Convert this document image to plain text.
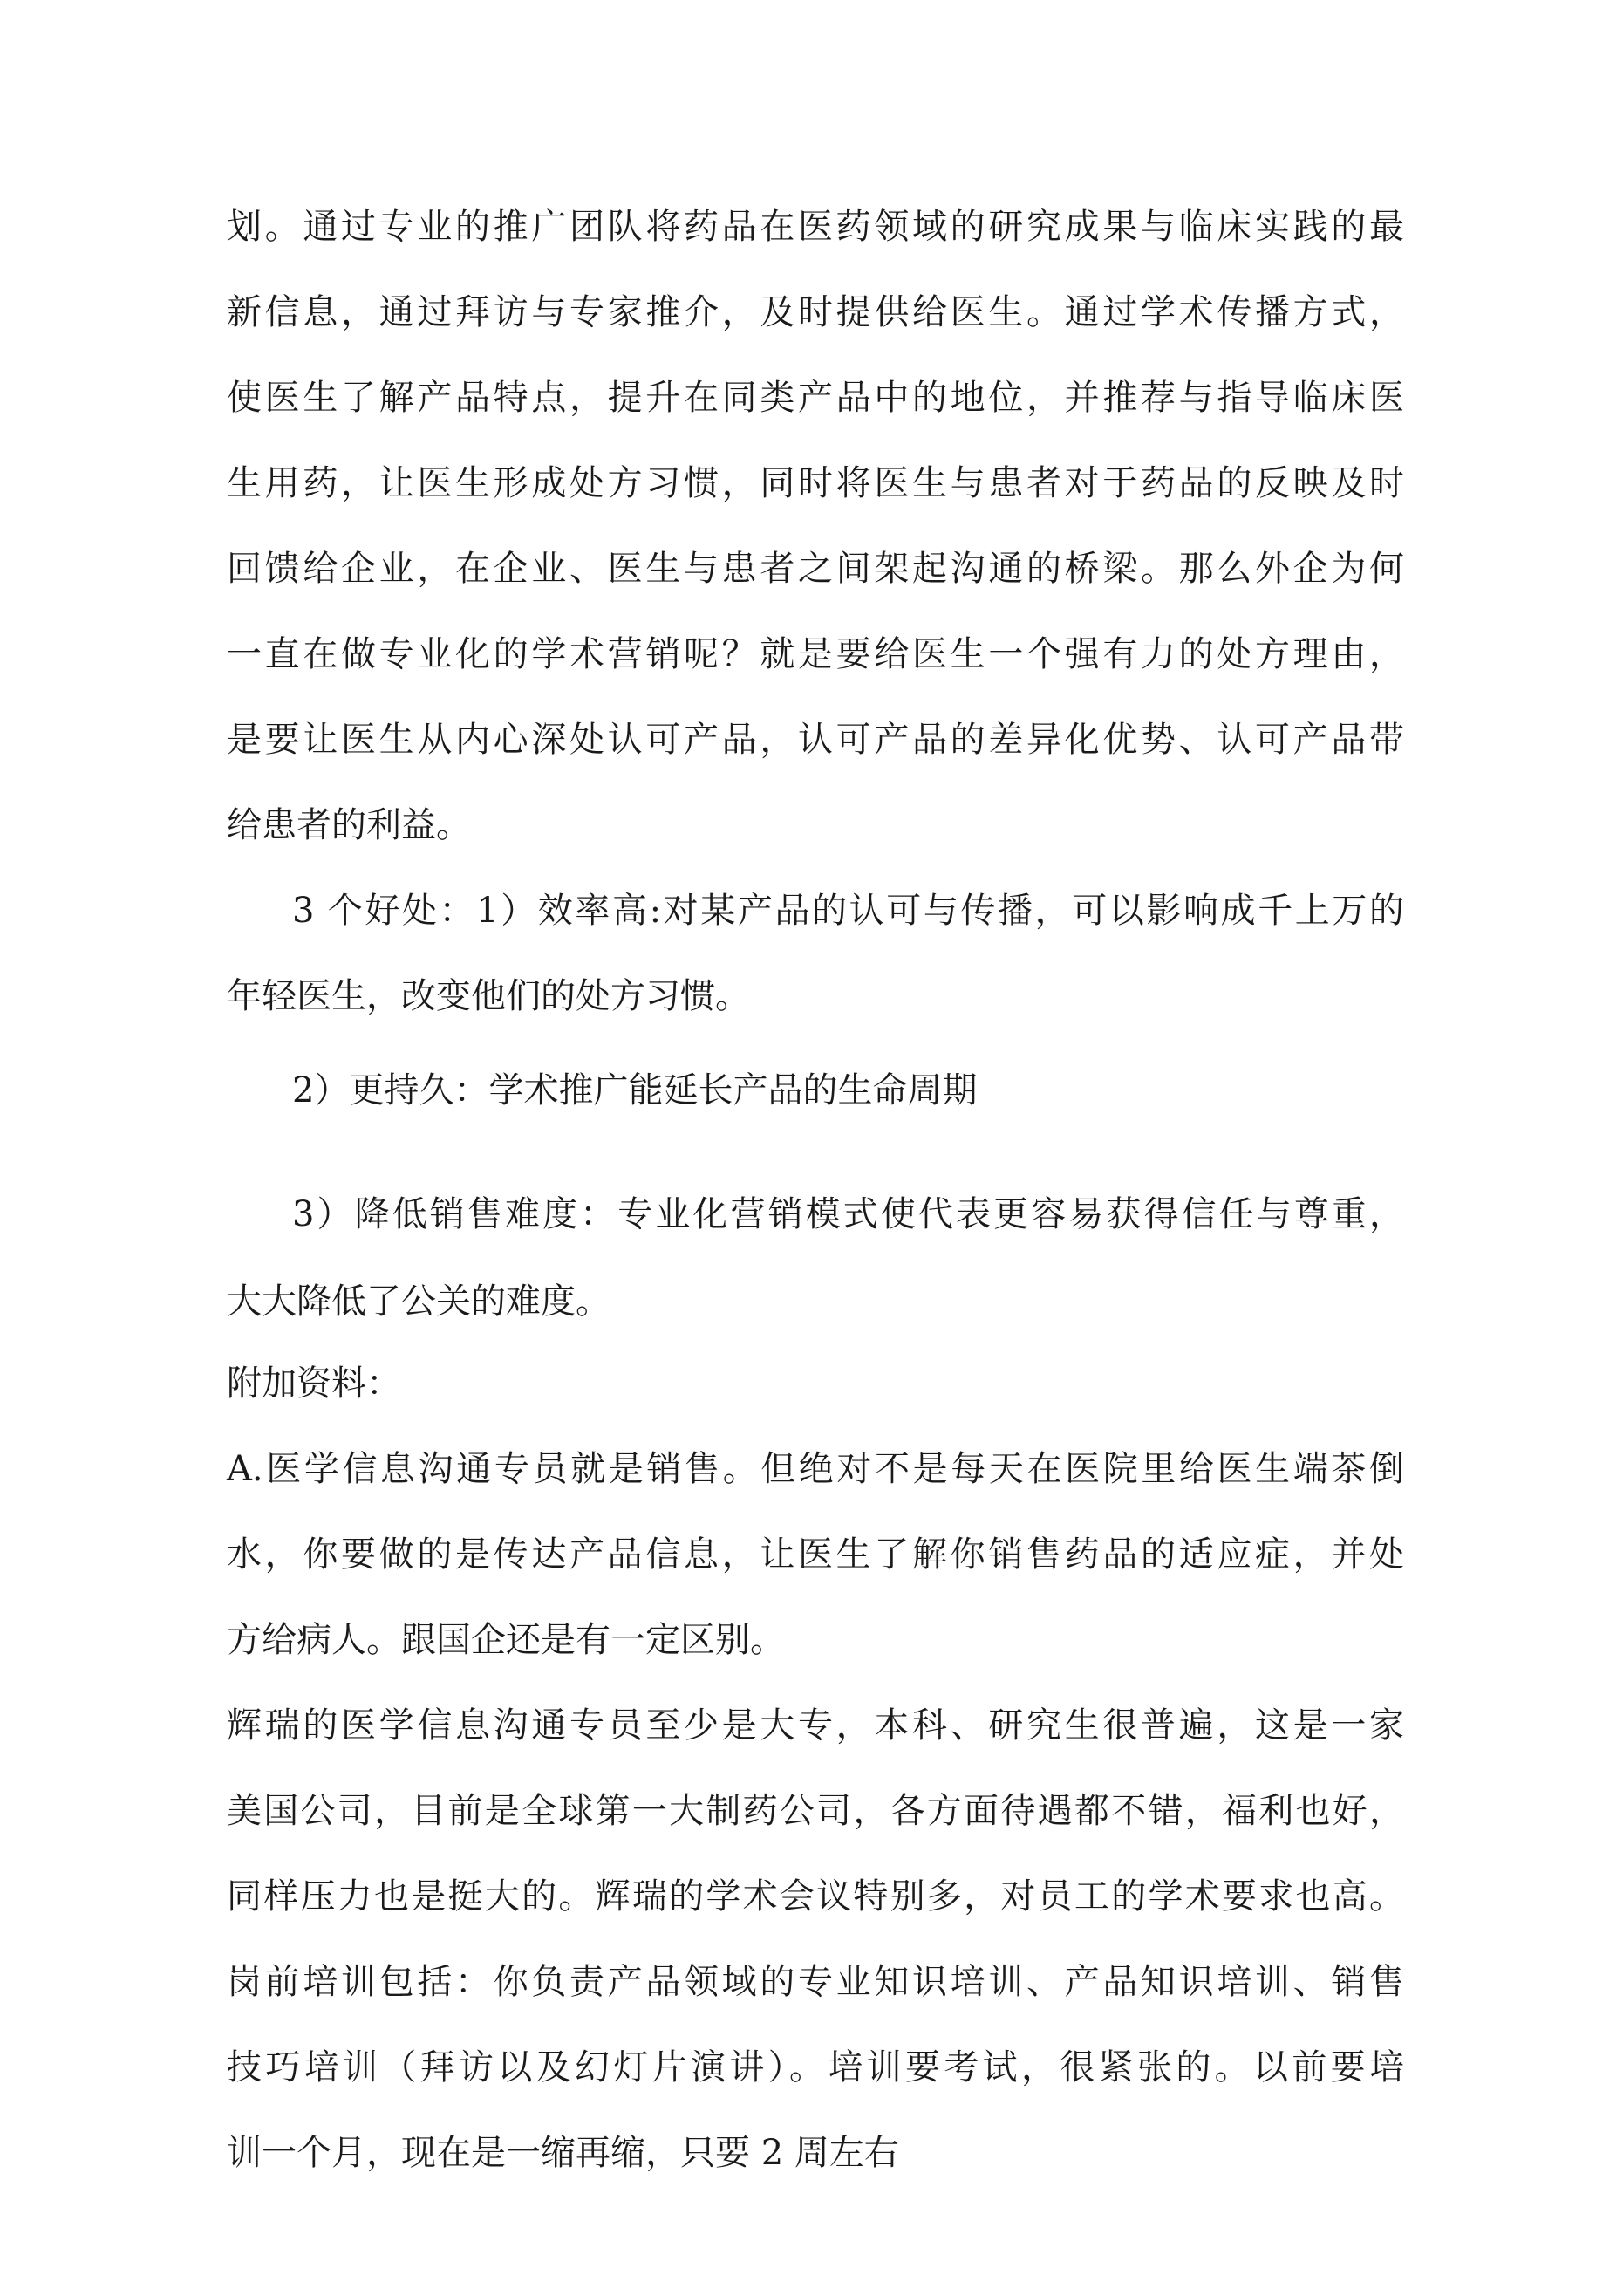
划。通过专业的推广团队将药品在医药领域的研究成果与临床实践的最

新信息，通过拜访与专家推介，及时提供给医生。通过学术传播方式，

使医生了解产品特点，提升在同类产品中的地位，并推荐与指导临床医

生用药，让医生形成处方习惯，同时将医生与患者对于药品的反映及时

回馈给企业，在企业、医生与患者之间架起沟通的桥梁。那么外企为何

一直在做专业化的学术营销呢？就是要给医生一个强有力的处方理由，

是要让医生从内心深处认可产品，认可产品的差异化优势、认可产品带

给患者的利益。

3 个好处：1）效率高:对某产品的认可与传播，可以影响成千上万的

年轻医生，改变他们的处方习惯。

2）更持久：学术推广能延长产品的生命周期

3）降低销售难度：专业化营销模式使代表更容易获得信任与尊重，

大大降低了公关的难度。

附加资料：

A.医学信息沟通专员就是销售。但绝对不是每天在医院里给医生端茶倒

水，你要做的是传达产品信息，让医生了解你销售药品的适应症，并处

方给病人。跟国企还是有一定区别。

辉瑞的医学信息沟通专员至少是大专，本科、研究生很普遍，这是一家

美国公司，目前是全球第一大制药公司，各方面待遇都不错，福利也好，

同样压力也是挺大的。辉瑞的学术会议特别多，对员工的学术要求也高。

岗前培训包括：你负责产品领域的专业知识培训、产品知识培训、销售

技巧培训（拜访以及幻灯片演讲）。培训要考试，很紧张的。以前要培

训一个月，现在是一缩再缩，只要 2 周左右
